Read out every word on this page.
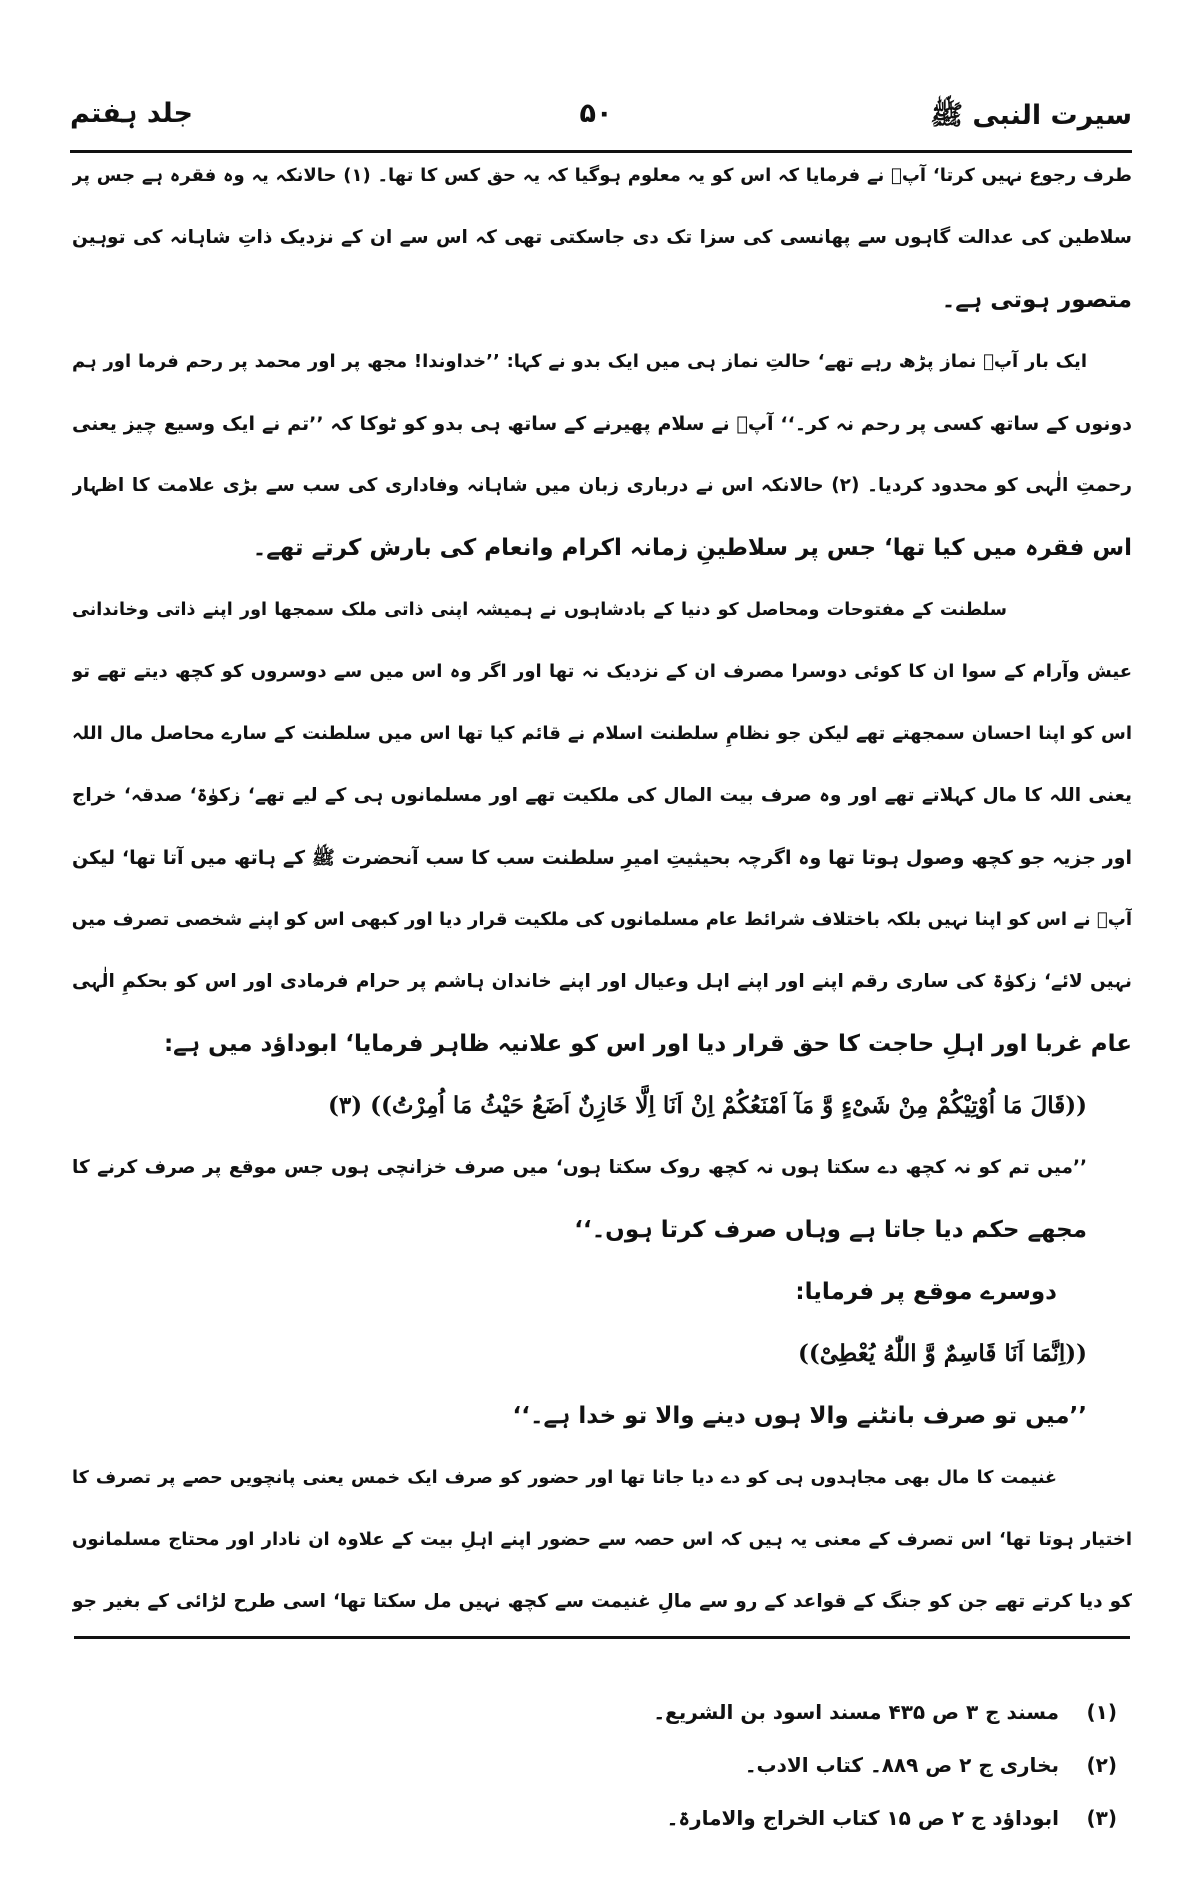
سیرت النبی ﷺ
۵۰
جلد ہفتم
طرف رجوع نہیں کرتا‘ آپؐ نے فرمایا کہ اس کو یہ معلوم ہوگیا کہ یہ حق کس کا تھا۔ (۱) حالانکہ یہ وہ فقرہ ہے جس پر
سلاطین کی عدالت گاہوں سے پھانسی کی سزا تک دی جاسکتی تھی کہ اس سے ان کے نزدیک ذاتِ شاہانہ کی توہین
متصور ہوتی ہے۔
ایک بار آپؐ نماز پڑھ رہے تھے‘ حالتِ نماز ہی میں ایک بدو نے کہا: ’’خداوندا! مجھ پر اور محمد پر رحم فرما اور ہم
دونوں کے ساتھ کسی پر رحم نہ کر۔‘‘ آپؐ نے سلام پھیرنے کے ساتھ ہی بدو کو ٹوکا کہ ’’تم نے ایک وسیع چیز یعنی
رحمتِ الٰہی کو محدود کردیا۔ (۲) حالانکہ اس نے درباری زبان میں شاہانہ وفاداری کی سب سے بڑی علامت کا اظہار
اس فقرہ میں کیا تھا‘ جس پر سلاطینِ زمانہ اکرام وانعام کی بارش کرتے تھے۔
سلطنت کے مفتوحات ومحاصل کو دنیا کے بادشاہوں نے ہمیشہ اپنی ذاتی ملک سمجھا اور اپنے ذاتی وخاندانی
عیش وآرام کے سوا ان کا کوئی دوسرا مصرف ان کے نزدیک نہ تھا اور اگر وہ اس میں سے دوسروں کو کچھ دیتے تھے تو
اس کو اپنا احسان سمجھتے تھے لیکن جو نظامِ سلطنت اسلام نے قائم کیا تھا اس میں سلطنت کے سارے محاصل مال اللہ
یعنی اللہ کا مال کہلاتے تھے اور وہ صرف بیت المال کی ملکیت تھے اور مسلمانوں ہی کے لیے تھے‘ زکوٰۃ‘ صدقہ‘ خراج
اور جزیہ جو کچھ وصول ہوتا تھا وہ اگرچہ بحیثیتِ امیرِ سلطنت سب کا سب آنحضرت ﷺ کے ہاتھ میں آتا تھا‘ لیکن
آپؐ نے اس کو اپنا نہیں بلکہ باختلاف شرائط عام مسلمانوں کی ملکیت قرار دیا اور کبھی اس کو اپنے شخصی تصرف میں
نہیں لائے‘ زکوٰۃ کی ساری رقم اپنے اور اپنے اہل وعیال اور اپنے خاندان ہاشم پر حرام فرمادی اور اس کو بحکمِ الٰہی
عام غربا اور اہلِ حاجت کا حق قرار دیا اور اس کو علانیہ ظاہر فرمایا‘ ابوداؤد میں ہے:
((قَالَ مَا اُوْتِیْکُمْ مِنْ شَیْءٍ وَّ مَآ اَمْنَعُکُمْ اِنْ اَنَا اِلَّا خَازِنٌ اَضَعُ حَیْثُ مَا اُمِرْتُ)) (۳)
’’میں تم کو نہ کچھ دے سکتا ہوں نہ کچھ روک سکتا ہوں‘ میں صرف خزانچی ہوں جس موقع پر صرف کرنے کا
مجھے حکم دیا جاتا ہے وہاں صرف کرتا ہوں۔‘‘
دوسرے موقع پر فرمایا:
((اِنَّمَا اَنَا قَاسِمٌ وَّ اللّٰهُ یُعْطِیْ))
’’میں تو صرف بانٹنے والا ہوں دینے والا تو خدا ہے۔‘‘
غنیمت کا مال بھی مجاہدوں ہی کو دے دیا جاتا تھا اور حضور کو صرف ایک خمس یعنی پانچویں حصے پر تصرف کا
اختیار ہوتا تھا‘ اس تصرف کے معنی یہ ہیں کہ اس حصہ سے حضور اپنے اہلِ بیت کے علاوہ ان نادار اور محتاج مسلمانوں
کو دیا کرتے تھے جن کو جنگ کے قواعد کے رو سے مالِ غنیمت سے کچھ نہیں مل سکتا تھا‘ اسی طرح لڑائی کے بغیر جو
(۱)مسند ج ۳ ص ۴۳۵ مسند اسود بن الشریع۔
(۲)بخاری ج ۲ ص ۸۸۹۔ کتاب الادب۔
(۳)ابوداؤد ج ۲ ص ۱۵ کتاب الخراج والامارۃ۔
